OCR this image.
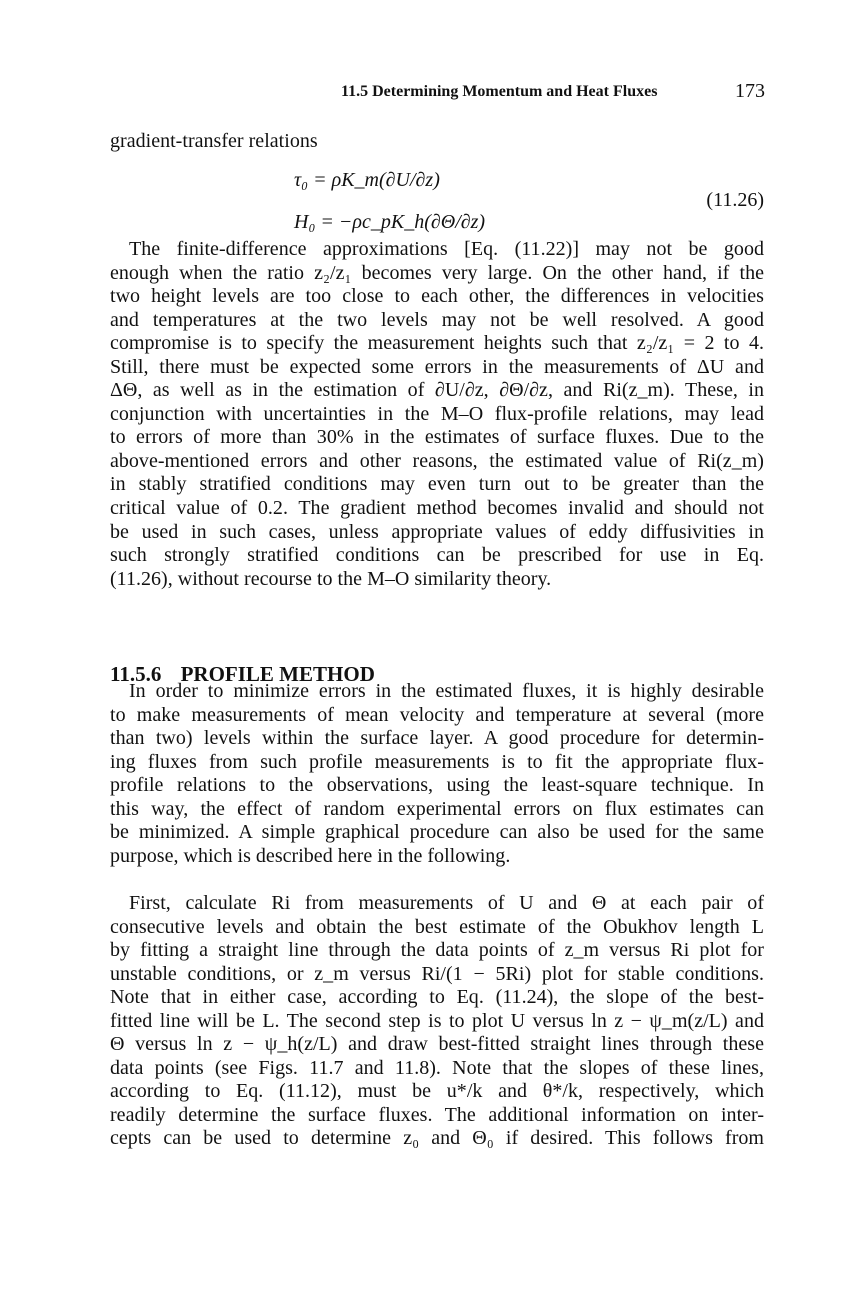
11.5 Determining Momentum and Heat Fluxes	173
gradient-transfer relations
τ₀ = ρK_m(∂U/∂z)
H₀ = −ρc_pK_h(∂Θ/∂z)
(11.26)
The finite-difference approximations [Eq. (11.22)] may not be good
enough when the ratio z₂/z₁ becomes very large. On the other hand, if the
two height levels are too close to each other, the differences in velocities
and temperatures at the two levels may not be well resolved. A good
compromise is to specify the measurement heights such that z₂/z₁ = 2 to 4.
Still, there must be expected some errors in the measurements of ΔU and
ΔΘ, as well as in the estimation of ∂U/∂z, ∂Θ/∂z, and Ri(z_m). These, in
conjunction with uncertainties in the M–O flux-profile relations, may lead
to errors of more than 30% in the estimates of surface fluxes. Due to the
above-mentioned errors and other reasons, the estimated value of Ri(z_m)
in stably stratified conditions may even turn out to be greater than the
critical value of 0.2. The gradient method becomes invalid and should not
be used in such cases, unless appropriate values of eddy diffusivities in
such strongly stratified conditions can be prescribed for use in Eq.
(11.26), without recourse to the M–O similarity theory.
11.5.6 PROFILE METHOD
In order to minimize errors in the estimated fluxes, it is highly desirable
to make measurements of mean velocity and temperature at several (more
than two) levels within the surface layer. A good procedure for determin-
ing fluxes from such profile measurements is to fit the appropriate flux-
profile relations to the observations, using the least-square technique. In
this way, the effect of random experimental errors on flux estimates can
be minimized. A simple graphical procedure can also be used for the same
purpose, which is described here in the following.
First, calculate Ri from measurements of U and Θ at each pair of
consecutive levels and obtain the best estimate of the Obukhov length L
by fitting a straight line through the data points of z_m versus Ri plot for
unstable conditions, or z_m versus Ri/(1 − 5Ri) plot for stable conditions.
Note that in either case, according to Eq. (11.24), the slope of the best-
fitted line will be L. The second step is to plot U versus ln z − ψ_m(z/L) and
Θ versus ln z − ψ_h(z/L) and draw best-fitted straight lines through these
data points (see Figs. 11.7 and 11.8). Note that the slopes of these lines,
according to Eq. (11.12), must be u*/k and θ*/k, respectively, which
readily determine the surface fluxes. The additional information on inter-
cepts can be used to determine z₀ and Θ₀ if desired. This follows from
